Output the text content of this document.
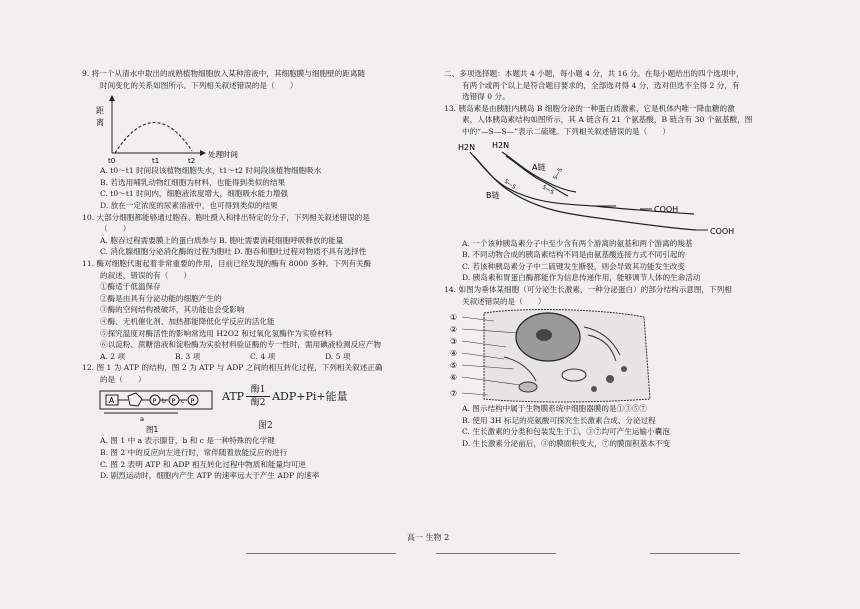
9. 将一个从清水中取出的成熟植物细胞放入某种溶液中，其细胞膜与细胞壁的距离随

时间变化的关系如图所示。下列相关叙述错误的是（　　）

距
离
t0	t1	t2
处理时间

A. t0～t1 时间段该植物细胞失水，t1～t2 时间段该植物细胞吸水

B. 若选用哺乳动物红细胞为材料，也能得到类似的结果

C. t0～t1 时间内，细胞液浓度增大，细胞吸水能力增强

D. 放在一定浓度的尿素溶液中，也可得到类似的结果

10. 大部分细胞都能够通过胞吞、胞吐摄入和排出特定的分子，下列相关叙述错误的是

（　　）

A. 胞吞过程需要膜上的蛋白质参与 B. 胞吐需要消耗细胞呼吸释放的能量

C. 消化腺细胞分泌消化酶的过程为胞吐 D. 胞吞和胞吐过程对物质不具有选择性

11. 酶对细胞代谢起着非常重要的作用，目前已经发现的酶有 8000 多种。下列有关酶

的叙述，错误的有（　　）

①酶适于低温保存

②酶是由具有分泌功能的细胞产生的

③酶的空间结构被破坏，其功能也会受影响

④酶、无机催化剂、加热都能降低化学反应的活化能

⑤探究温度对酶活性的影响常选用 H2O2 和过氧化氢酶作为实验材料

⑥以淀粉、蔗糖溶液和淀粉酶为实验材料验证酶的专一性时，需用碘液检测反应产物

A. 2 项	B. 3 项	C. 4 项	D. 5 项

12. 图 1 为 ATP 的结构，图 2 为 ATP 与 ADP 之间的相互转化过程，下列相关叙述正确

的是（　　）

A	P b P c P
a
图1
ATP $\frac{\text{酶1}}{\text{酶2}} ADP+Pi+$能量
图2

A. 图 1 中 a 表示腺苷，b 和 c 是一种特殊的化学键

B. 图 2 中的反应向左进行时，常伴随着放能反应的进行

C. 图 2 表明 ATP 和 ADP 相互转化过程中物质和能量均可逆

D. 剧烈运动时，细胞内产生 ATP 的速率远大于产生 ADP 的速率

二、多项选择题：本题共 4 小题，每小题 4 分，共 16 分。在每小题给出的四个选项中，

有两个或两个以上是符合题目要求的，全部选对得 4 分，选对但选不全得 2 分，有

选错得 0 分。

13. 胰岛素是由胰脏内胰岛 B 细胞分泌的一种蛋白质激素，它是机体内唯一降血糖的激

素，人体胰岛素结构如图所示，其 A 链含有 21 个氨基酸，B 链含有 30 个氨基酸，图

中的“—S—S—”表示二硫键。下列相关叙述错误的是（　　）

H2N H2N
A链
B链
S—S	S—S
S—S
COOH
COOH

A. 一个该种胰岛素分子中至少含有两个游离的氨基和两个游离的羧基

B. 不同动物合成的胰岛素结构不同是由氨基酸连接方式不同引起的

C. 若该种胰岛素分子中二硫键发生断裂，则会导致其功能发生改变

D. 胰岛素和胃蛋白酶都能作为信息传递作用，能够调节人体的生命活动

14. 如图为垂体某细胞（可分泌生长激素，一种分泌蛋白）的部分结构示意图，下列相

关叙述错误的是（　　）

①
②
③
④
⑤
⑥
⑦

A. 图示结构中属于生物膜系统中细胞器膜的是①③⑤⑦

B. 使用 3H 标记的亮氨酸可探究生长激素合成、分泌过程

C. 生长激素的分类和包装发生于①，③⑦均可产生运输小囊泡

D. 生长激素分泌前后，③的膜面积变大，⑦的膜面积基本不变

高一 生物 2
